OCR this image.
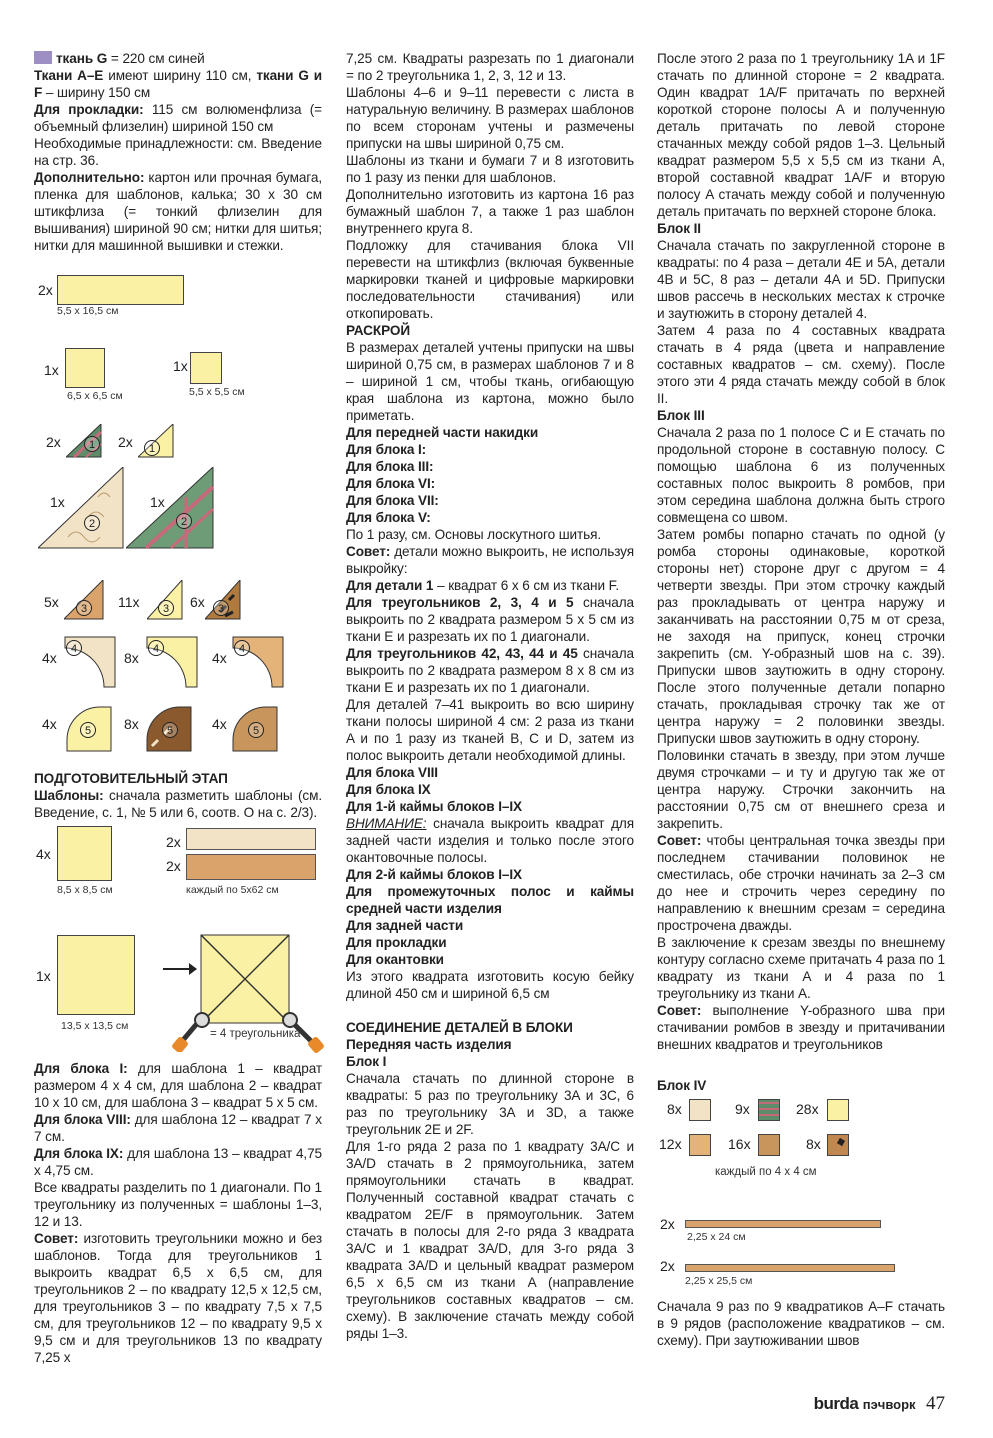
ткань G = 220 см синей

Ткани A–E имеют ширину 110 см, ткани G и F – ширину 150 см

Для прокладки: 115 см волюменфлиза (= объемный флизелин) шириной 150 см

Необходимые принадлежности: см. Введение на стр. 36.

Дополнительно: картон или прочная бумага, пленка для шаблонов, калька; 30 x 30 см штикфлиза (= тонкий флизелин для вышивания) шириной 90 см; нитки для шитья; нитки для машинной вышивки и стежки.

2x
5,5 x 16,5 см
1x
6,5 x 6,5 см
1x
5,5 x 5,5 см
2x	1	2x	1
1x
2
1x
2
5x	3	11x	3	6x	3
4x
4
8x
4
4x
4
4x	5	8x	5	4x	5

ПОДГОТОВИТЕЛЬНЫЙ ЭТАП

Шаблоны: сначала разметить шаблоны (см. Введение, с. 1, № 5 или 6, соотв. О на с. 2/3).

4x
8,5 x 8,5 см
2x
2x
каждый по 5x62 см
1x
13,5 x 13,5 см
= 4 треугольника

Для блока I: для шаблона 1 – квадрат размером 4 x 4 см, для шаблона 2 – квадрат 10 x 10 см, для шаблона 3 – квадрат 5 x 5 см.

Для блока VIII: для шаблона 12 – квадрат 7 x 7 см.

Для блока IX: для шаблона 13 – квадрат 4,75 x 4,75 см.

Все квадраты разделить по 1 диагонали. По 1 треугольнику из полученных = шаблоны 1–3, 12 и 13.

Совет: изготовить треугольники можно и без шаблонов. Тогда для треугольников 1 выкроить квадрат 6,5 x 6,5 см, для треугольников 2 – по квадрату 12,5 x 12,5 см, для треугольников 3 – по квадрату 7,5 x 7,5 см, для треугольников 12 – по квадрату 9,5 x 9,5 см и для треугольников 13 по квадрату 7,25 x

7,25 см. Квадраты разрезать по 1 диагонали = по 2 треугольника 1, 2, 3, 12 и 13.

Шаблоны 4–6 и 9–11 перевести с листа в натуральную величину. В размерах шаблонов по всем сторонам учтены и размечены припуски на швы шириной 0,75 см.

Шаблоны из ткани и бумаги 7 и 8 изготовить по 1 разу из пенки для шаблонов.

Дополнительно изготовить из картона 16 раз бумажный шаблон 7, а также 1 раз шаблон внутреннего круга 8.

Подложку для стачивания блока VII перевести на штикфлиз (включая буквенные маркировки тканей и цифровые маркировки последовательности стачивания) или откопировать.

РАСКРОЙ

В размерах деталей учтены припуски на швы шириной 0,75 см, в размерах шаблонов 7 и 8 – шириной 1 см, чтобы ткань, огибающую края шаблона из картона, можно было приметать.

Для передней части накидки

Для блока I:

Для блока III:

Для блока VI:

Для блока VII:

Для блока V:

По 1 разу, см. Основы лоскутного шитья.

Совет: детали можно выкроить, не используя выкройку:

Для детали 1 – квадрат 6 x 6 см из ткани F.

Для треугольников 2, 3, 4 и 5 сначала выкроить по 2 квадрата размером 5 x 5 см из ткани E и разрезать их по 1 диагонали.

Для треугольников 42, 43, 44 и 45 сначала выкроить по 2 квадрата размером 8 x 8 см из ткани E и разрезать их по 1 диагонали.

Для деталей 7–41 выкроить во всю ширину ткани полосы шириной 4 см: 2 раза из ткани A и по 1 разу из тканей B, C и D, затем из полос выкроить детали необходимой длины.

Для блока VIII

Для блока IX

Для 1-й каймы блоков I–IX

ВНИМАНИЕ: сначала выкроить квадрат для задней части изделия и только после этого окантовочные полосы.

Для 2-й каймы блоков I–IX

Для промежуточных полос и каймы средней части изделия

Для задней части

Для прокладки

Для окантовки

Из этого квадрата изготовить косую бейку длиной 450 см и шириной 6,5 см

СОЕДИНЕНИЕ ДЕТАЛЕЙ В БЛОКИ

Передняя часть изделия

Блок I

Сначала стачать по длинной стороне в квадраты: 5 раз по треугольнику 3A и 3C, 6 раз по треугольнику 3A и 3D, а также треугольник 2E и 2F.

Для 1-го ряда 2 раза по 1 квадрату 3A/C и 3A/D стачать в 2 прямоугольника, затем прямоугольники стачать в квадрат. Полученный составной квадрат стачать с квадратом 2E/F в прямоугольник. Затем стачать в полосы для 2-го ряда 3 квадрата 3A/C и 1 квадрат 3A/D, для 3-го ряда 3 квадрата 3A/D и цельный квадрат размером 6,5 x 6,5 см из ткани A (направление треугольников составных квадратов – см. схему). В заключение стачать между собой ряды 1–3.

После этого 2 раза по 1 треугольнику 1A и 1F стачать по длинной стороне = 2 квадрата. Один квадрат 1A/F притачать по верхней короткой стороне полосы A и полученную деталь притачать по левой стороне стачанных между собой рядов 1–3. Цельный квадрат размером 5,5 x 5,5 см из ткани A, второй составной квадрат 1A/F и вторую полосу A стачать между собой и полученную деталь притачать по верхней стороне блока.

Блок II

Сначала стачать по закругленной стороне в квадраты: по 4 раза – детали 4E и 5A, детали 4B и 5C, 8 раз – детали 4A и 5D. Припуски швов рассечь в нескольких местах к строчке и заутюжить в сторону деталей 4.

Затем 4 раза по 4 составных квадрата стачать в 4 ряда (цвета и направление составных квадратов – см. схему). После этого эти 4 ряда стачать между собой в блок II.

Блок III

Сначала 2 раза по 1 полосе C и E стачать по продольной стороне в составную полосу. С помощью шаблона 6 из полученных составных полос выкроить 8 ромбов, при этом середина шаблона должна быть строго совмещена со швом.

Затем ромбы попарно стачать по одной (у ромба стороны одинаковые, короткой стороны нет) стороне друг с другом = 4 четверти звезды. При этом строчку каждый раз прокладывать от центра наружу и заканчивать на расстоянии 0,75 м от среза, не заходя на припуск, конец строчки закрепить (см. Y-образный шов на с. 39). Припуски швов заутюжить в одну сторону. После этого полученные детали попарно стачать, прокладывая строчку так же от центра наружу = 2 половинки звезды. Припуски швов заутюжить в одну сторону.

Половинки стачать в звезду, при этом лучше двумя строчками – и ту и другую так же от центра наружу. Строчки закончить на расстоянии 0,75 см от внешнего среза и закрепить.

Совет: чтобы центральная точка звезды при последнем стачивании половинок не сместилась, обе строчки начинать за 2–3 см до нее и строчить через середину по направлению к внешним срезам = середина прострочена дважды.

В заключение к срезам звезды по внешнему контуру согласно схеме притачать 4 раза по 1 квадрату из ткани A и 4 раза по 1 треугольнику из ткани A.

Совет: выполнение Y-образного шва при стачивании ромбов в звезду и притачивании внешних квадратов и треугольников

Блок IV

8x	9x	28x
12x	16x	8x
каждый по 4 x 4 см
2x
2,25 x 24 см
2x
2,25 x 25,5 см

Сначала 9 раз по 9 квадратиков A–F стачать в 9 рядов (расположение квадратиков – см. схему). При заутюживании швов

burda пэчворк 47
